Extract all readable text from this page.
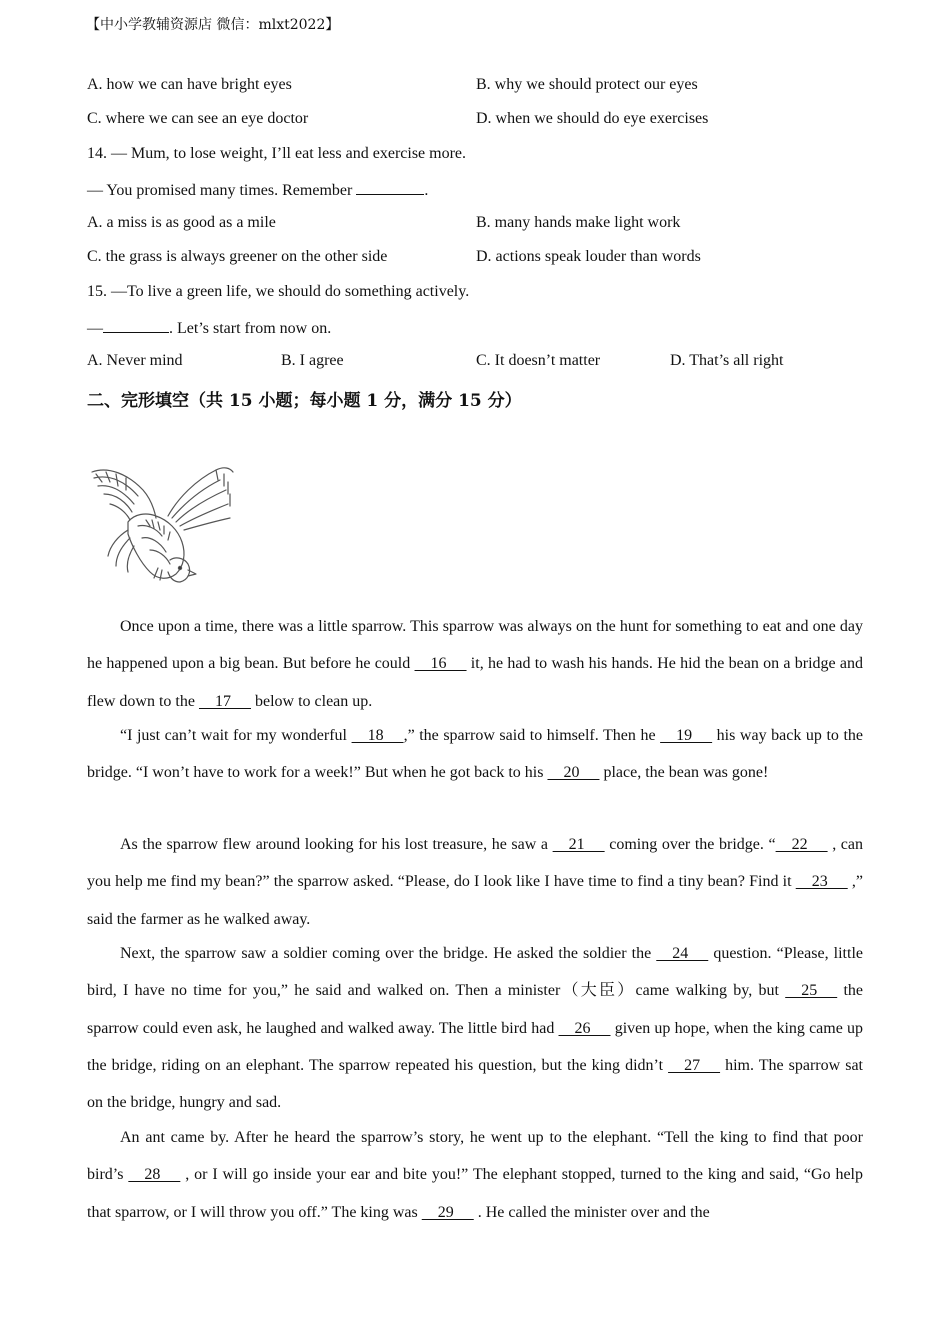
【中小学教辅资源店 微信：mlxt2022】
A. how we can have bright eyes	B. why we should protect our eyes
C. where we can see an eye doctor	D. when we should do eye exercises
14. — Mum, to lose weight, I’ll eat less and exercise more.
— You promised many times. Remember	.
A. a miss is as good as a mile	B. many hands make light work
C. the grass is always greener on the other side	D. actions speak louder than words
15. —To live a green life, we should do something actively.
—	. Let’s start from now on.
A. Never mind	B. I agree	C. It doesn’t matter	D. That’s all right
二、完形填空（共 15 小题；每小题 1 分，满分 15 分）

Once upon a time, there was a little sparrow. This sparrow was always on the hunt for something to eat and one day he happened upon a big bean. But before he could     16      it, he had to wash his hands. He hid the bean on a bridge and flew down to the     17      below to clean up.

“I just can’t wait for my wonderful     18     ,” the sparrow said to himself. Then he     19      his way back up to the bridge. “I won’t have to work for a week!” But when he got back to his     20      place, the bean was gone!

As the sparrow flew around looking for his lost treasure, he saw a     21      coming over the bridge. “    22      , can you help me find my bean?” the sparrow asked. “Please, do I look like I have time to find a tiny bean? Find it     23      ,” said the farmer as he walked away.

Next, the sparrow saw a soldier coming over the bridge. He asked the soldier the     24      question. “Please, little bird, I have no time for you,” he said and walked on. Then a minister（大臣）came walking by, but     25      the sparrow could even ask, he laughed and walked away. The little bird had     26      given up hope, when the king came up the bridge, riding on an elephant. The sparrow repeated his question, but the king didn’t     27      him. The sparrow sat on the bridge, hungry and sad.

An ant came by. After he heard the sparrow’s story, he went up to the elephant. “Tell the king to find that poor bird’s     28      , or I will go inside your ear and bite you!” The elephant stopped, turned to the king and said, “Go help that sparrow, or I will throw you off.” The king was     29      . He called the minister over and the
